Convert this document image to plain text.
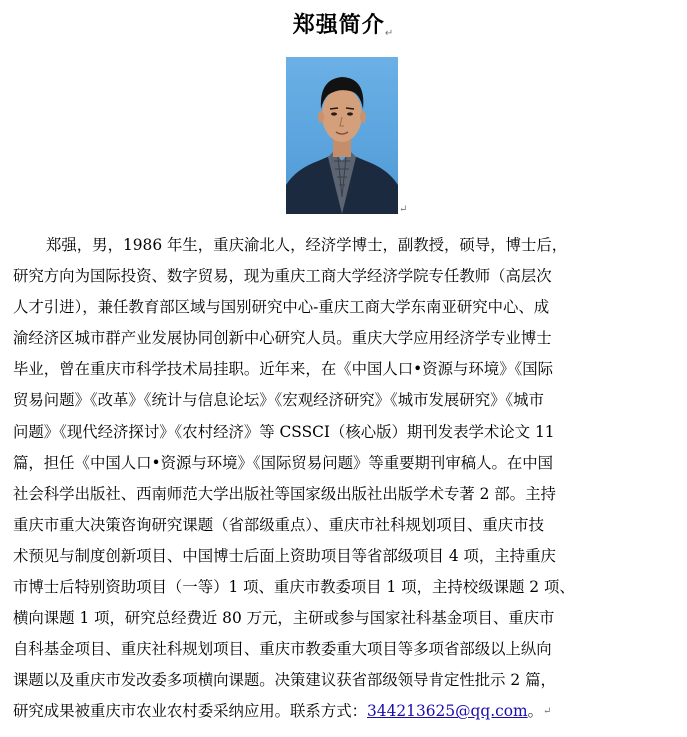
郑强简介↵
↵
郑强，男，1986 年生，重庆渝北人，经济学博士，副教授，硕导，博士后，
研究方向为国际投资、数字贸易，现为重庆工商大学经济学院专任教师（高层次
人才引进），兼任教育部区域与国别研究中心-重庆工商大学东南亚研究中心、成
渝经济区城市群产业发展协同创新中心研究人员。重庆大学应用经济学专业博士
毕业，曾在重庆市科学技术局挂职。近年来，在《中国人口•资源与环境》《国际
贸易问题》《改革》《统计与信息论坛》《宏观经济研究》《城市发展研究》《城市
问题》《现代经济探讨》《农村经济》等 CSSCI（核心版）期刊发表学术论文 11
篇，担任《中国人口•资源与环境》《国际贸易问题》等重要期刊审稿人。在中国
社会科学出版社、西南师范大学出版社等国家级出版社出版学术专著 2 部。主持
重庆市重大决策咨询研究课题（省部级重点）、重庆市社科规划项目、重庆市技
术预见与制度创新项目、中国博士后面上资助项目等省部级项目 4 项，主持重庆
市博士后特别资助项目（一等）1 项、重庆市教委项目 1 项，主持校级课题 2 项、
横向课题 1 项，研究总经费近 80 万元，主研或参与国家社科基金项目、重庆市
自科基金项目、重庆社科规划项目、重庆市教委重大项目等多项省部级以上纵向
课题以及重庆市发改委多项横向课题。决策建议获省部级领导肯定性批示 2 篇，
研究成果被重庆市农业农村委采纳应用。联系方式：344213625@qq.com。↵
